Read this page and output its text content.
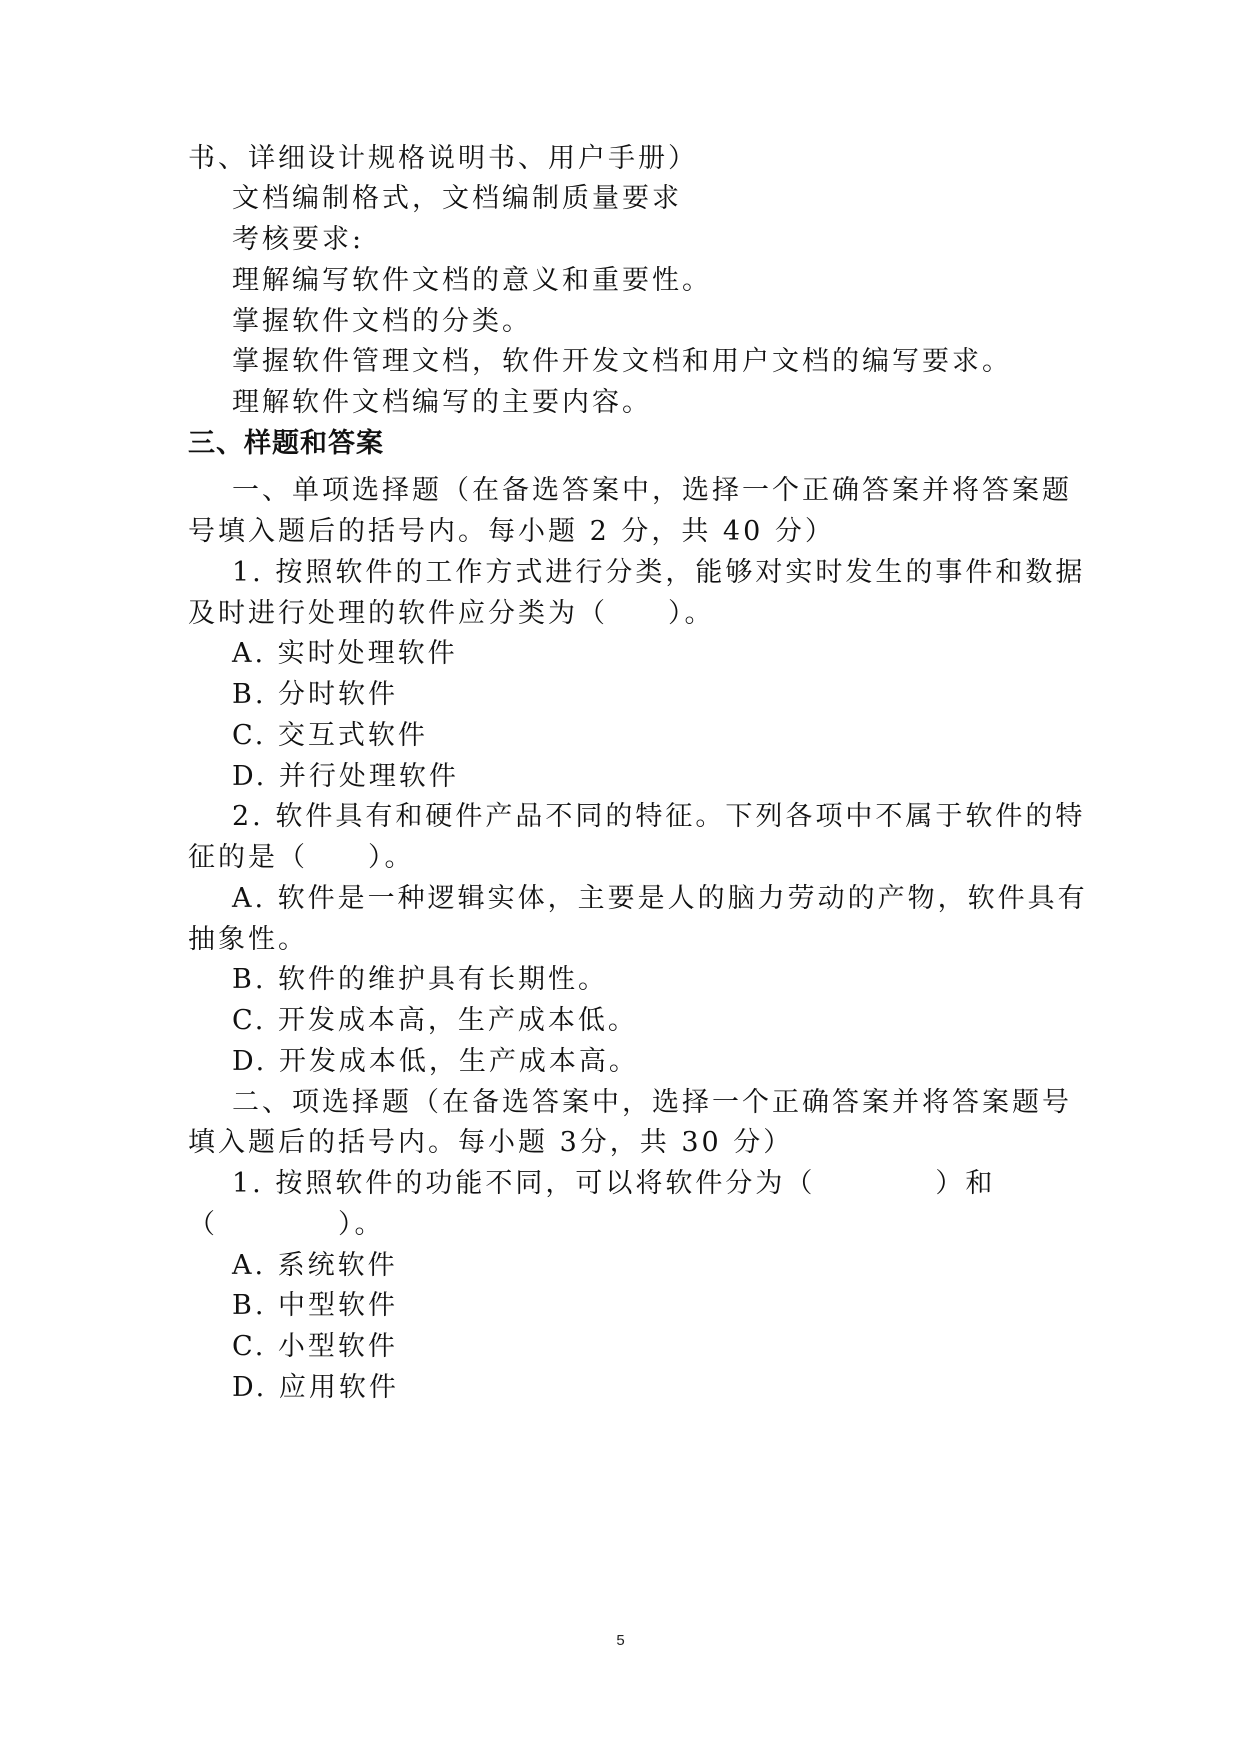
书、详细设计规格说明书、用户手册）
文档编制格式，文档编制质量要求
考核要求:
理解编写软件文档的意义和重要性。
掌握软件文档的分类。
掌握软件管理文档，软件开发文档和用户文档的编写要求。
理解软件文档编写的主要内容。
三、样题和答案
一、单项选择题（在备选答案中，选择一个正确答案并将答案题
号填入题后的括号内。每小题 2 分，共 40 分）
1. 按照软件的工作方式进行分类，能够对实时发生的事件和数据
及时进行处理的软件应分类为（　　）。
A. 实时处理软件
B. 分时软件
C. 交互式软件
D. 并行处理软件
2. 软件具有和硬件产品不同的特征。下列各项中不属于软件的特
征的是（　　）。
A. 软件是一种逻辑实体，主要是人的脑力劳动的产物，软件具有
抽象性。
B. 软件的维护具有长期性。
C. 开发成本高，生产成本低。
D. 开发成本低，生产成本高。
二、项选择题（在备选答案中，选择一个正确答案并将答案题号
填入题后的括号内。每小题 3分，共 30 分）
1. 按照软件的功能不同，可以将软件分为（　　　　）和
（　　　　）。
A. 系统软件
B. 中型软件
C. 小型软件
D. 应用软件
5
